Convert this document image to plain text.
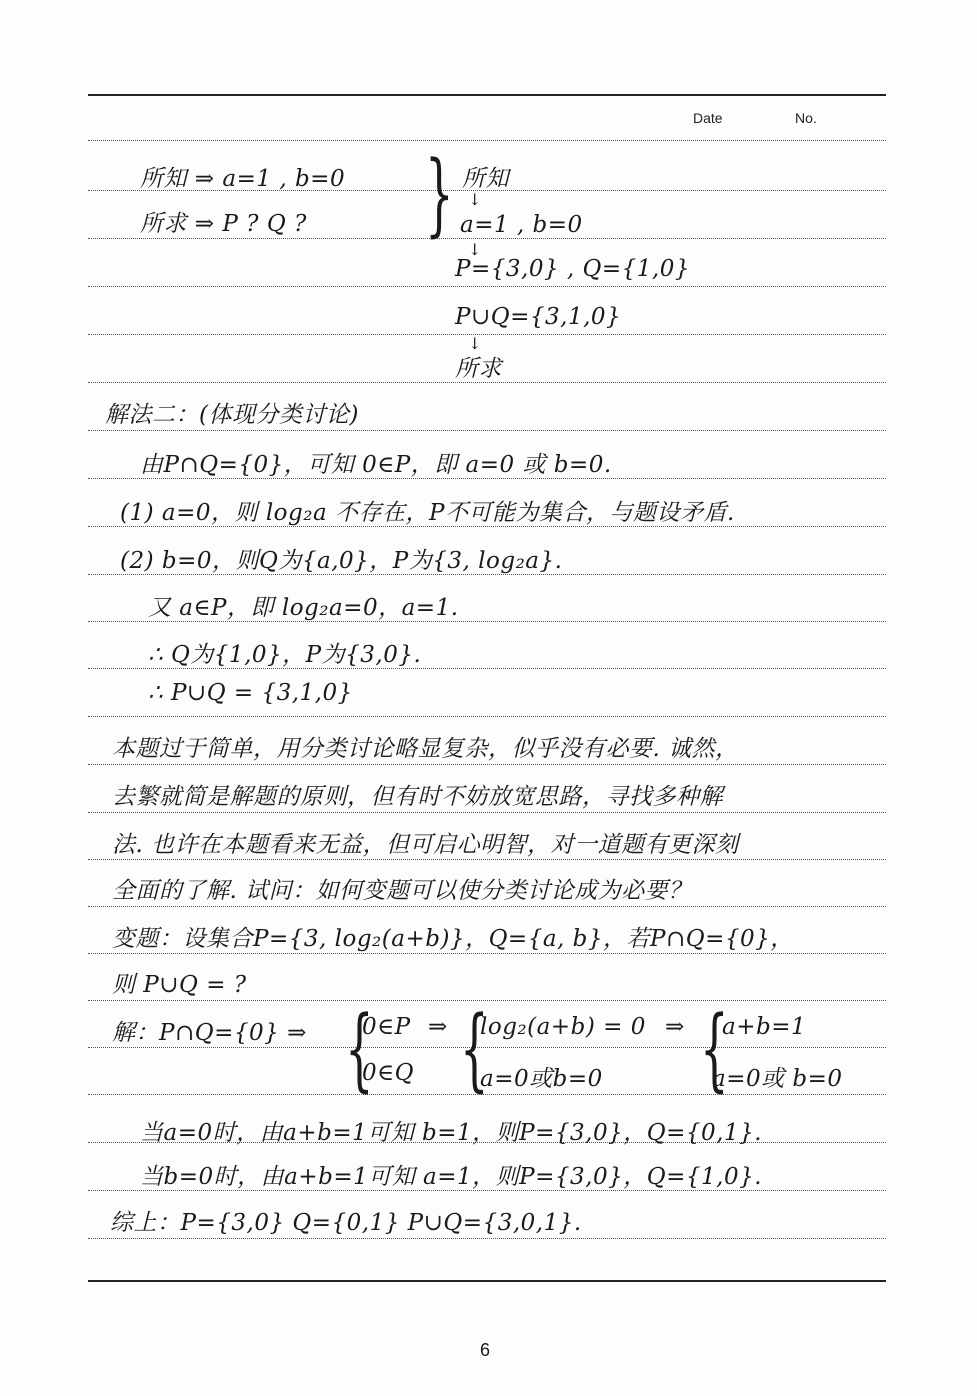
Date	No.
所知 ⇒ a=1 , b=0
所求 ⇒ P ? Q ? } 所知
↓
a=1 , b=0
↓
P={3,0} , Q={1,0}
P∪Q={3,1,0}
↓
所求
解法二：(体现分类讨论)
由P∩Q={0}，可知 0∈P，即 a=0 或 b=0.
(1) a=0，则 log₂a 不存在，P不可能为集合，与题设矛盾.
(2) b=0，则Q为{a,0}，P为{3, log₂a}.
又 a∈P，即 log₂a=0，a=1.
∴ Q为{1,0}，P为{3,0}.
∴ P∪Q = {3,1,0}
本题过于简单，用分类讨论略显复杂，似乎没有必要. 诚然，
去繁就简是解题的原则，但有时不妨放宽思路，寻找多种解
法. 也许在本题看来无益，但可启心明智，对一道题有更深刻
全面的了解. 试问：如何变题可以使分类讨论成为必要？
变题：设集合P={3, log₂(a+b)}，Q={a, b}，若P∩Q={0}，
则 P∪Q = ?
解：P∩Q={0} ⇒ {
0∈P
0∈Q
⇒ {
log₂(a+b) = 0
a=0或b=0
⇒ {
a+b=1
a=0或 b=0
当a=0时，由a+b=1可知 b=1，则P={3,0}，Q={0,1}.
当b=0时，由a+b=1可知 a=1，则P={3,0}，Q={1,0}.
综上：P={3,0} Q={0,1} P∪Q={3,0,1}.
6
